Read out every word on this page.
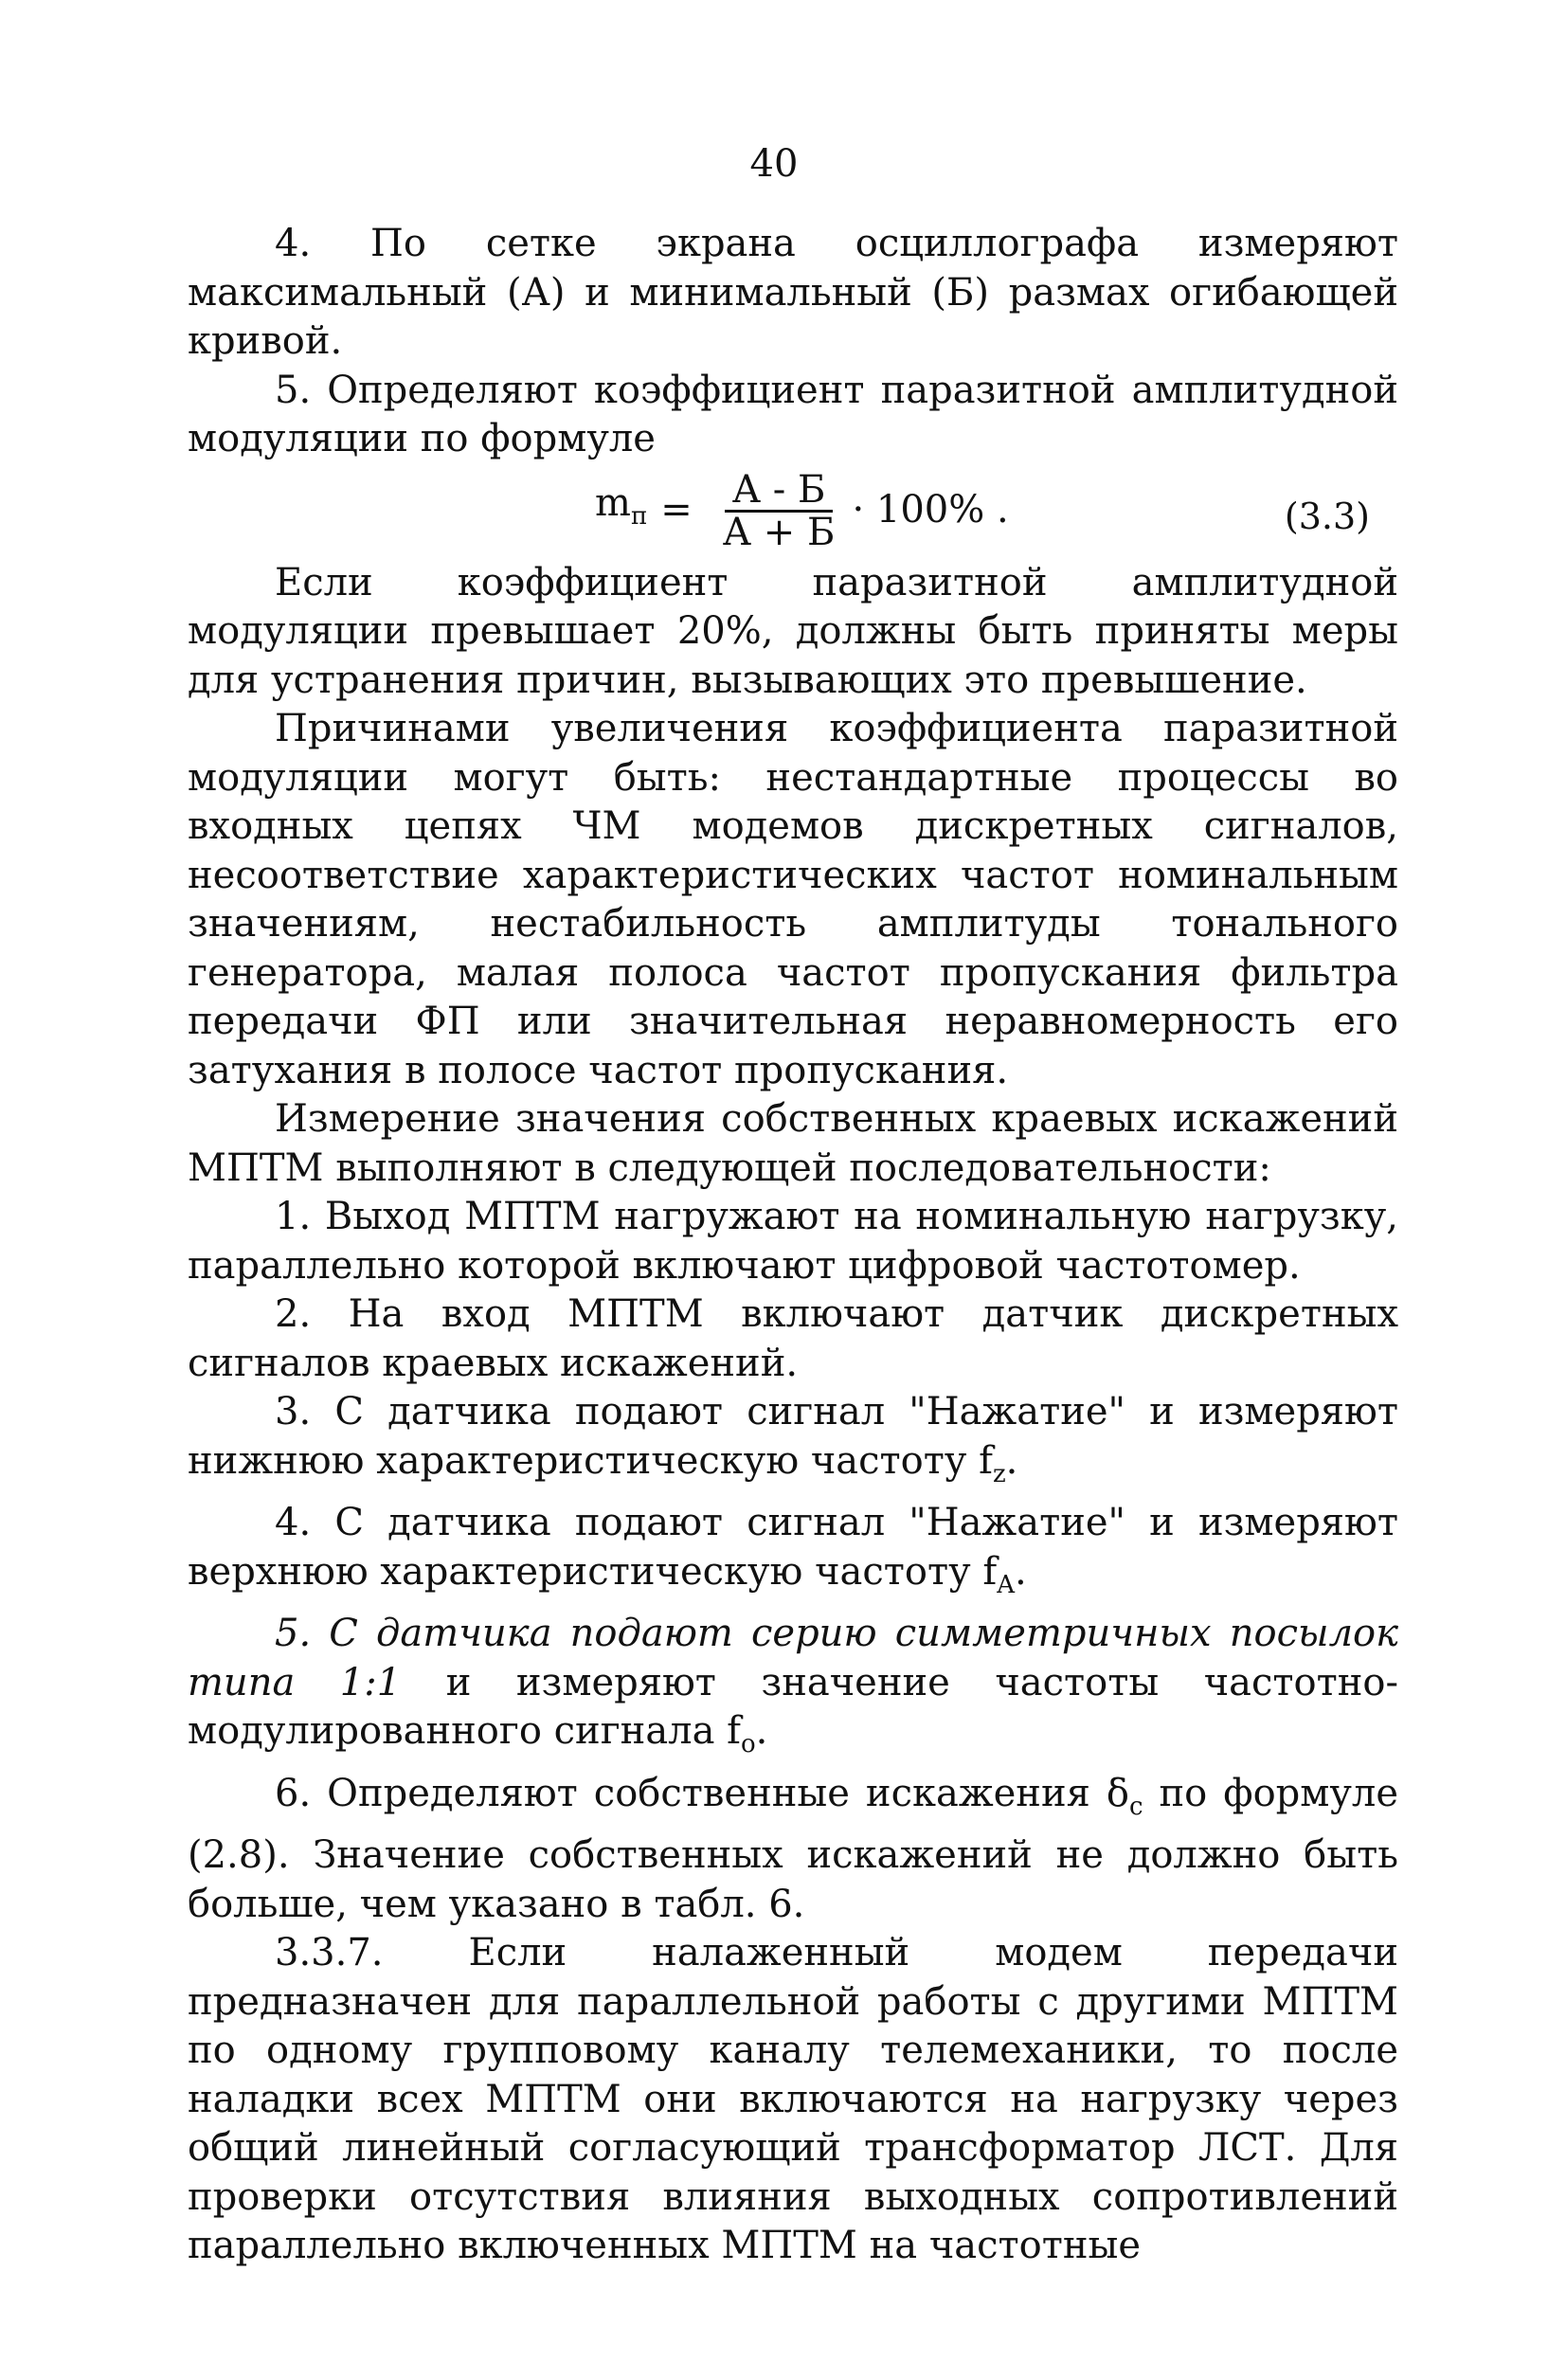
40

4. По сетке экрана осциллографа измеряют максимальный (А) и минимальный (Б) размах огибающей кривой.

5. Определяют коэффициент паразитной амплитудной модуляции по формуле

$m_п = \frac{А - Б}{А + Б} \cdot 100\%$ .	(3.3)

Если коэффициент паразитной амплитудной модуляции превышает 20%, должны быть приняты меры для устранения причин, вызывающих это превышение.

Причинами увеличения коэффициента паразитной модуляции могут быть: нестандартные процессы во входных цепях ЧМ модемов дискретных сигналов, несоответствие характеристических частот номинальным значениям, нестабильность амплитуды тонального генератора, малая полоса частот пропускания фильтра передачи ФП или значительная неравномерность его затухания в полосе частот пропускания.

Измерение значения собственных краевых искажений МПТМ выполняют в следующей последовательности:

1. Выход МПТМ нагружают на номинальную нагрузку, параллельно которой включают цифровой частотомер.

2. На вход МПТМ включают датчик дискретных сигналов краевых искажений.

3. С датчика подают сигнал "Нажатие" и измеряют нижнюю характеристическую частоту $f_z$.

4. С датчика подают сигнал "Нажатие" и измеряют верхнюю характеристическую частоту $f_A$.

5. С датчика подают серию симметричных посылок типа 1:1 и измеряют значение частоты частотно-модулированного сигнала $f_o$.

6. Определяют собственные искажения $\delta_c$ по формуле (2.8). Значение собственных искажений не должно быть больше, чем указано в табл. 6.

3.3.7. Если налаженный модем передачи предназначен для параллельной работы с другими МПТМ по одному групповому каналу телемеханики, то после наладки всех МПТМ они включаются на нагрузку через общий линейный согласующий трансформатор ЛСТ. Для проверки отсутствия влияния выходных сопротивлений параллельно включенных МПТМ на частотные
